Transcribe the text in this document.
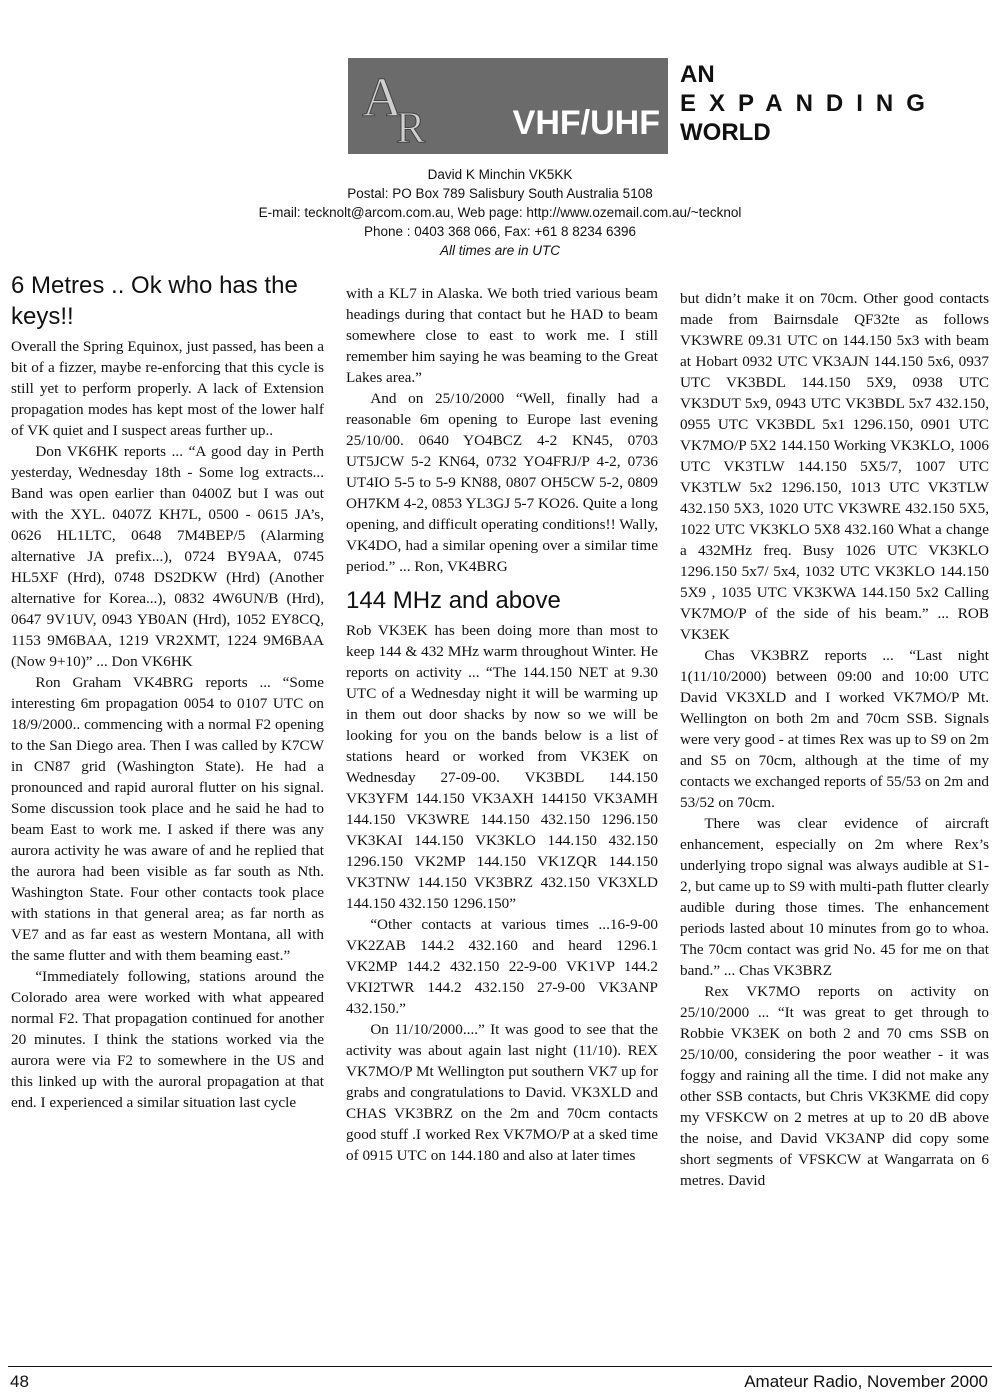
A
R	VHF/UHF
AN
EXPANDING
WORLD
David K Minchin VK5KK
Postal: PO Box 789 Salisbury South Australia 5108
E-mail: tecknolt@arcom.com.au, Web page: http://www.ozemail.com.au/~tecknol
Phone : 0403 368 066, Fax: +61 8 8234 6396
All times are in UTC
6 Metres .. Ok who has the keys!!

Overall the Spring Equinox, just passed, has been a bit of a fizzer, maybe re-enforcing that this cycle is still yet to perform properly. A lack of Extension propagation modes has kept most of the lower half of VK quiet and I suspect areas further up..

Don VK6HK reports ... “A good day in Perth yesterday, Wednesday 18th - Some log extracts... Band was open earlier than 0400Z but I was out with the XYL. 0407Z KH7L, 0500 - 0615 JA’s, 0626 HL1LTC, 0648 7M4BEP/5 (Alarming alternative JA prefix...), 0724 BY9AA, 0745 HL5XF (Hrd), 0748 DS2DKW (Hrd) (Another alternative for Korea...), 0832 4W6UN/B (Hrd), 0647 9V1UV, 0943 YB0AN (Hrd), 1052 EY8CQ, 1153 9M6BAA, 1219 VR2XMT, 1224 9M6BAA (Now 9+10)” ... Don VK6HK

Ron Graham VK4BRG reports ... “Some interesting 6m propagation 0054 to 0107 UTC on 18/9/2000.. commencing with a normal F2 opening to the San Diego area. Then I was called by K7CW in CN87 grid (Washington State). He had a pronounced and rapid auroral flutter on his signal. Some discussion took place and he said he had to beam East to work me. I asked if there was any aurora activity he was aware of and he replied that the aurora had been visible as far south as Nth. Washington State. Four other contacts took place with stations in that general area; as far north as VE7 and as far east as western Montana, all with the same flutter and with them beaming east.”

“Immediately following, stations around the Colorado area were worked with what appeared normal F2. That propagation continued for another 20 minutes. I think the stations worked via the aurora were via F2 to somewhere in the US and this linked up with the auroral propagation at that end. I experienced a similar situation last cycle

with a KL7 in Alaska. We both tried various beam headings during that contact but he HAD to beam somewhere close to east to work me. I still remember him saying he was beaming to the Great Lakes area.”

And on 25/10/2000 “Well, finally had a reasonable 6m opening to Europe last evening 25/10/00. 0640 YO4BCZ 4-2 KN45, 0703 UT5JCW 5-2 KN64, 0732 YO4FRJ/P 4-2, 0736 UT4IO 5-5 to 5-9 KN88, 0807 OH5CW 5-2, 0809 OH7KM 4-2, 0853 YL3GJ 5-7 KO26. Quite a long opening, and difficult operating conditions!! Wally, VK4DO, had a similar opening over a similar time period.” ... Ron, VK4BRG

144 MHz and above

Rob VK3EK has been doing more than most to keep 144 & 432 MHz warm throughout Winter. He reports on activity ... “The 144.150 NET at 9.30 UTC of a Wednesday night it will be warming up in them out door shacks by now so we will be looking for you on the bands below is a list of stations heard or worked from VK3EK on Wednesday 27-09-00. VK3BDL 144.150 VK3YFM 144.150 VK3AXH 144150 VK3AMH 144.150 VK3WRE 144.150 432.150 1296.150 VK3KAI 144.150 VK3KLO 144.150 432.150 1296.150 VK2MP 144.150 VK1ZQR 144.150 VK3TNW 144.150 VK3BRZ 432.150 VK3XLD 144.150 432.150 1296.150”

“Other contacts at various times ...16-9-00 VK2ZAB 144.2 432.160 and heard 1296.1 VK2MP 144.2 432.150 22-9-00 VK1VP 144.2 VKI2TWR 144.2 432.150 27-9-00 VK3ANP 432.150.”

On 11/10/2000....” It was good to see that the activity was about again last night (11/10). REX VK7MO/P Mt Wellington put southern VK7 up for grabs and congratulations to David. VK3XLD and CHAS VK3BRZ on the 2m and 70cm contacts good stuff .I worked Rex VK7MO/P at a sked time of 0915 UTC on 144.180 and also at later times

but didn’t make it on 70cm. Other good contacts made from Bairnsdale QF32te as follows VK3WRE 09.31 UTC on 144.150 5x3 with beam at Hobart 0932 UTC VK3AJN 144.150 5x6, 0937 UTC VK3BDL 144.150 5X9, 0938 UTC VK3DUT 5x9, 0943 UTC VK3BDL 5x7 432.150, 0955 UTC VK3BDL 5x1 1296.150, 0901 UTC VK7MO/P 5X2 144.150 Working VK3KLO, 1006 UTC VK3TLW 144.150 5X5/7, 1007 UTC VK3TLW 5x2 1296.150, 1013 UTC VK3TLW 432.150 5X3, 1020 UTC VK3WRE 432.150 5X5, 1022 UTC VK3KLO 5X8 432.160 What a change a 432MHz freq. Busy 1026 UTC VK3KLO 1296.150 5x7/ 5x4, 1032 UTC VK3KLO 144.150 5X9 , 1035 UTC VK3KWA 144.150 5x2 Calling VK7MO/P of the side of his beam.” ... ROB VK3EK

Chas VK3BRZ reports ... “Last night 1(11/10/2000) between 09:00 and 10:00 UTC David VK3XLD and I worked VK7MO/P Mt. Wellington on both 2m and 70cm SSB. Signals were very good - at times Rex was up to S9 on 2m and S5 on 70cm, although at the time of my contacts we exchanged reports of 55/53 on 2m and 53/52 on 70cm.

There was clear evidence of aircraft enhancement, especially on 2m where Rex’s underlying tropo signal was always audible at S1-2, but came up to S9 with multi-path flutter clearly audible during those times. The enhancement periods lasted about 10 minutes from go to whoa. The 70cm contact was grid No. 45 for me on that band.” ... Chas VK3BRZ

Rex VK7MO reports on activity on 25/10/2000 ... “It was great to get through to Robbie VK3EK on both 2 and 70 cms SSB on 25/10/00, considering the poor weather - it was foggy and raining all the time. I did not make any other SSB contacts, but Chris VK3KME did copy my VFSKCW on 2 metres at up to 20 dB above the noise, and David VK3ANP did copy some short segments of VFSKCW at Wangarrata on 6 metres. David

48	Amateur Radio, November 2000
